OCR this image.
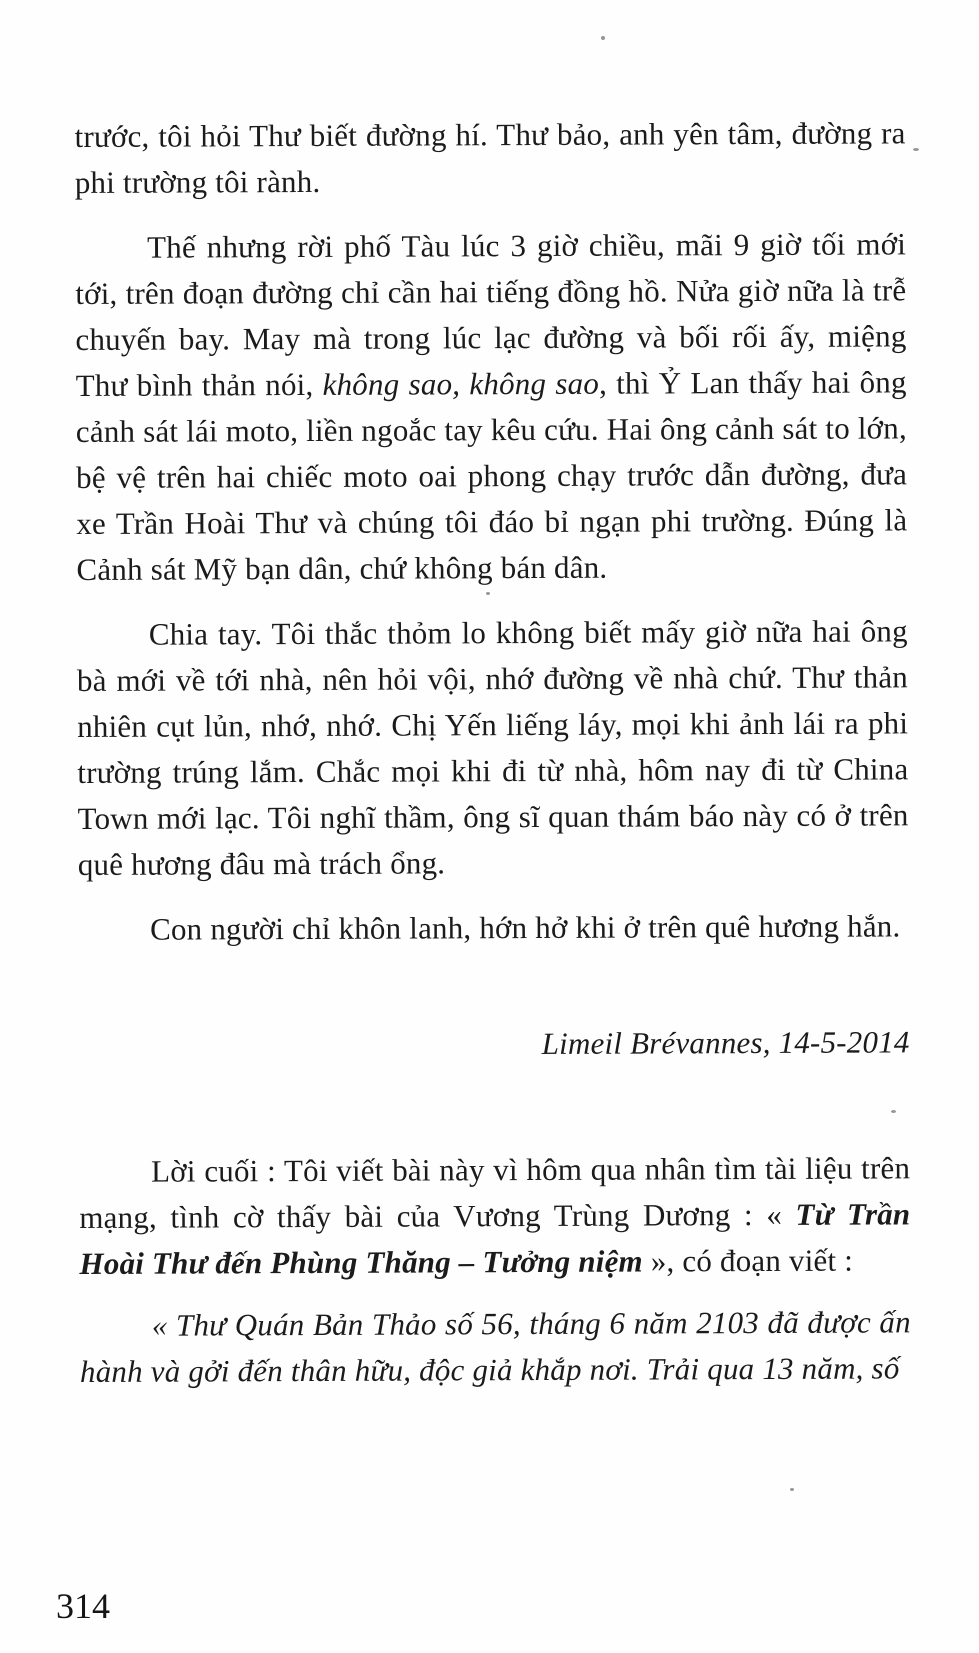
trước, tôi hỏi Thư biết đường hí. Thư bảo, anh yên tâm, đường ra phi trường tôi rành.

Thế nhưng rời phố Tàu lúc 3 giờ chiều, mãi 9 giờ tối mới tới, trên đoạn đường chỉ cần hai tiếng đồng hồ. Nửa giờ nữa là trễ chuyến bay. May mà trong lúc lạc đường và bối rối ấy, miệng Thư bình thản nói, không sao, không sao, thì Ỷ Lan thấy hai ông cảnh sát lái moto, liền ngoắc tay kêu cứu. Hai ông cảnh sát to lớn, bệ vệ trên hai chiếc moto oai phong chạy trước dẫn đường, đưa xe Trần Hoài Thư và chúng tôi đáo bỉ ngạn phi trường. Đúng là Cảnh sát Mỹ bạn dân, chứ không bán dân.

Chia tay. Tôi thắc thỏm lo không biết mấy giờ nữa hai ông bà mới về tới nhà, nên hỏi vội, nhớ đường về nhà chứ. Thư thản nhiên cụt lủn, nhớ, nhớ. Chị Yến liếng láy, mọi khi ảnh lái ra phi trường trúng lắm. Chắc mọi khi đi từ nhà, hôm nay đi từ China Town mới lạc. Tôi nghĩ thầm, ông sĩ quan thám báo này có ở trên quê hương đâu mà trách ổng.

Con người chỉ khôn lanh, hớn hở khi ở trên quê hương hắn.

Limeil Brévannes, 14-5-2014

Lời cuối : Tôi viết bài này vì hôm qua nhân tìm tài liệu trên mạng, tình cờ thấy bài của Vương Trùng Dương : « Từ Trần Hoài Thư đến Phùng Thăng – Tưởng niệm », có đoạn viết :

« Thư Quán Bản Thảo số 56, tháng 6 năm 2103 đã được ấn hành và gởi đến thân hữu, độc giả khắp nơi. Trải qua 13 năm, số

314
